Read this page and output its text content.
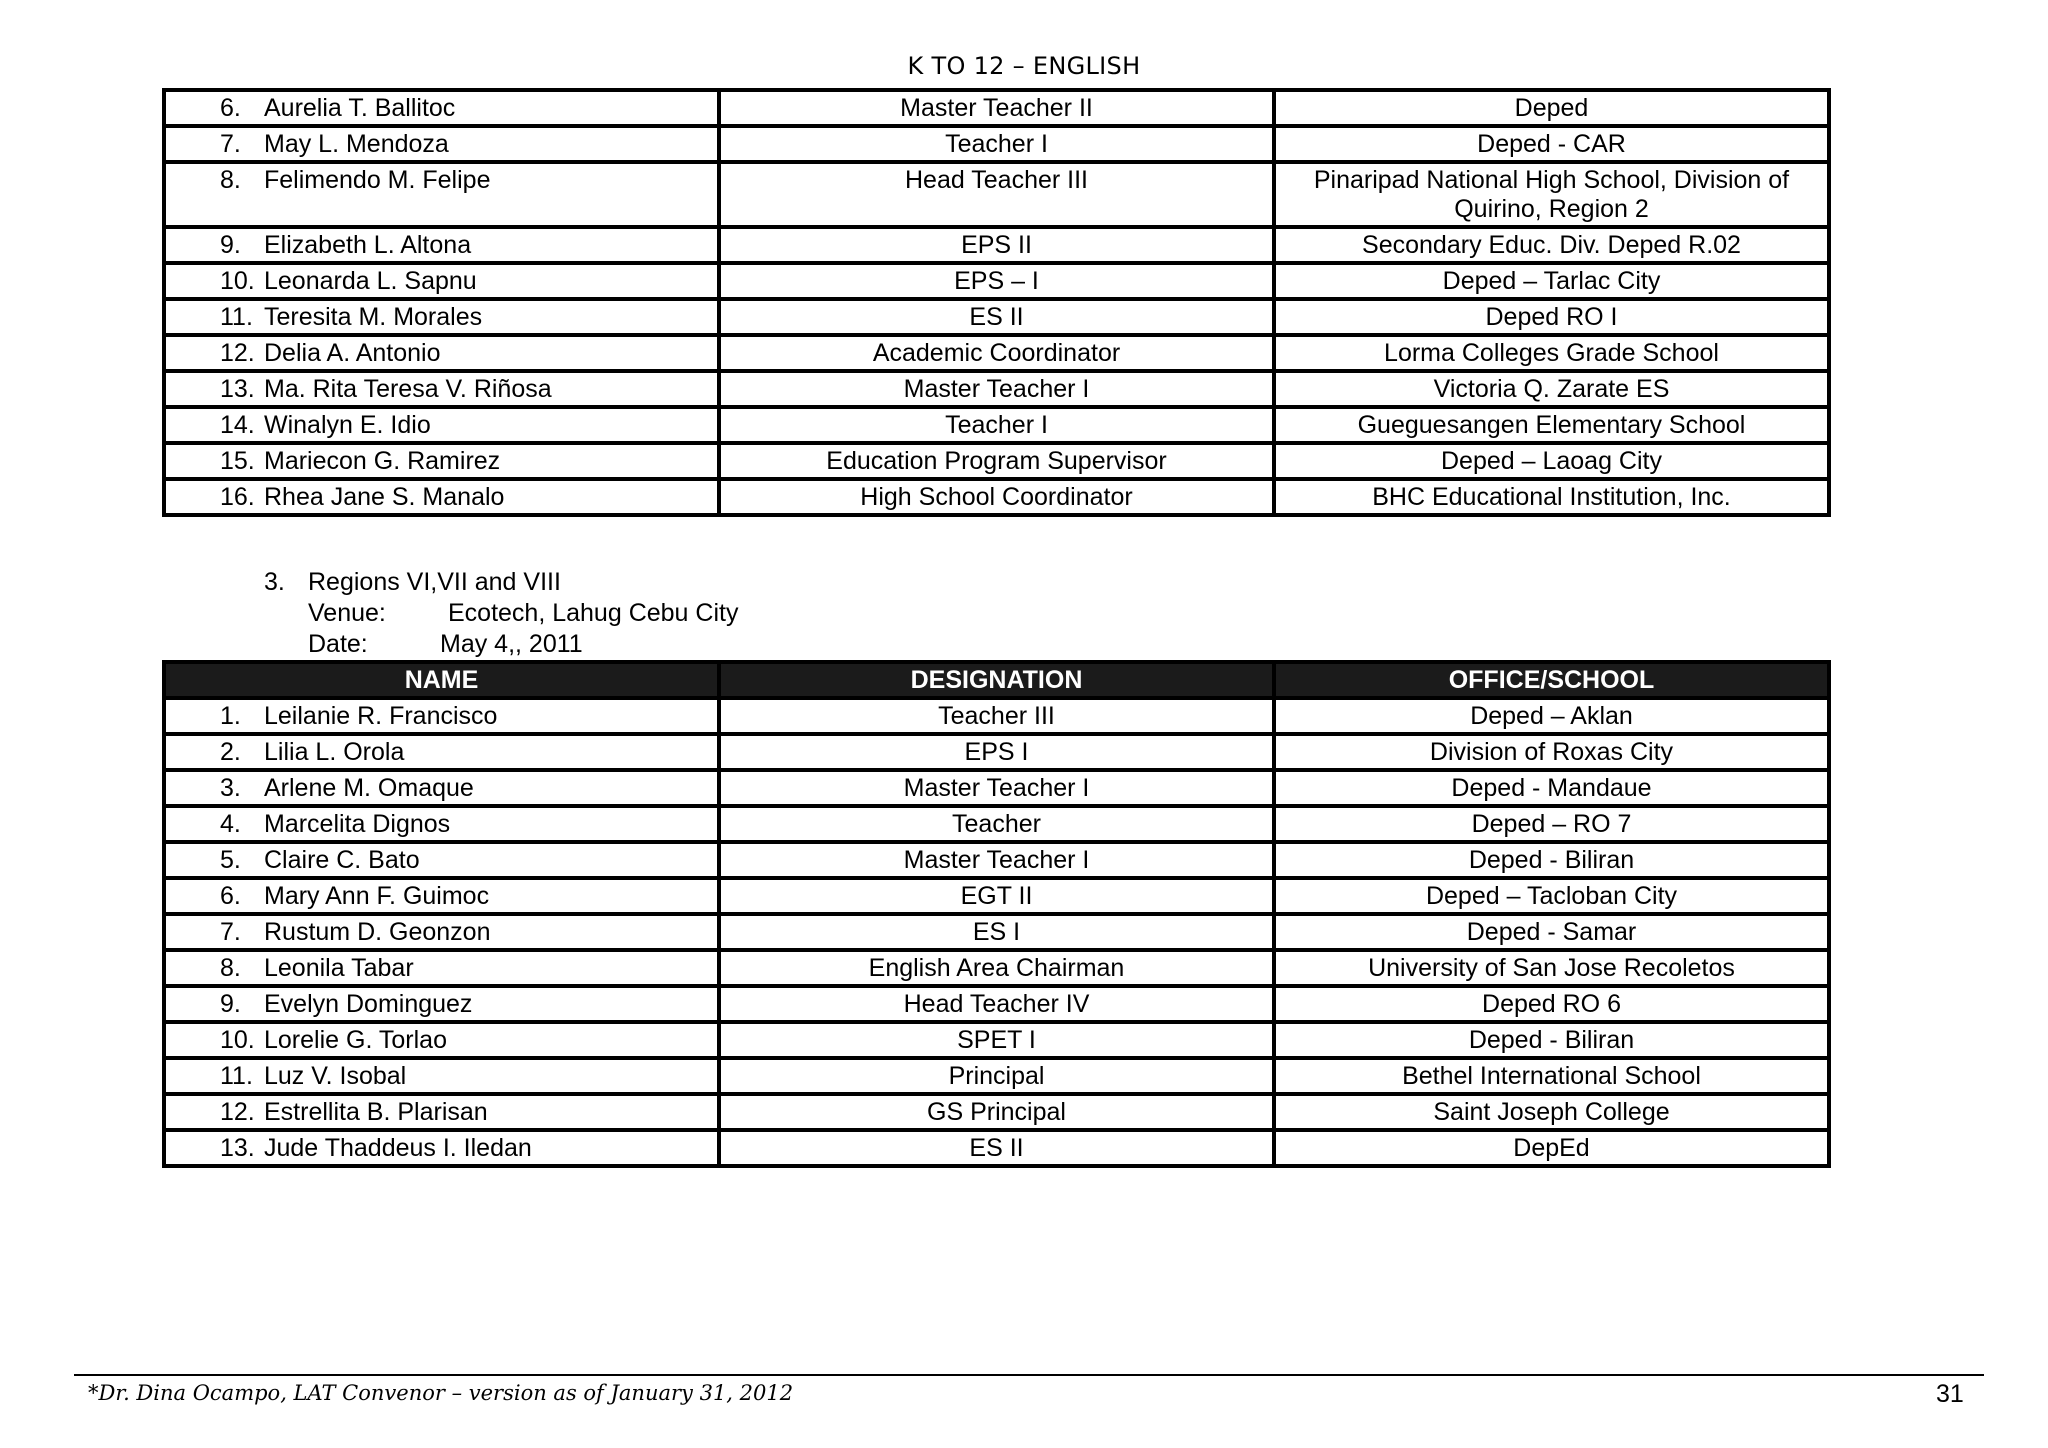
K TO 12 – ENGLISH
6. Aurelia T. Ballitoc	Master Teacher II	Deped
7. May L. Mendoza	Teacher I	Deped - CAR
8. Felimendo M. Felipe	Head Teacher III	Pinaripad National High School, Division of Quirino, Region 2
9. Elizabeth L. Altona	EPS II	Secondary Educ. Div. Deped R.02
10. Leonarda L. Sapnu	EPS – I	Deped – Tarlac City
11. Teresita M. Morales	ES II	Deped RO I
12. Delia A. Antonio	Academic Coordinator	Lorma Colleges Grade School
13. Ma. Rita Teresa V. Riñosa	Master Teacher I	Victoria Q. Zarate ES
14. Winalyn E. Idio	Teacher I	Gueguesangen Elementary School
15. Mariecon G. Ramirez	Education Program Supervisor	Deped – Laoag City
16. Rhea Jane S. Manalo	High School Coordinator	BHC Educational Institution, Inc.
3. Regions VI,VII and VIII
Venue:	Ecotech, Lahug Cebu City
Date:	May 4,, 2011
NAME	DESIGNATION	OFFICE/SCHOOL
1. Leilanie R. Francisco	Teacher III	Deped – Aklan
2. Lilia L. Orola	EPS I	Division of Roxas City
3. Arlene M. Omaque	Master Teacher I	Deped - Mandaue
4. Marcelita Dignos	Teacher	Deped – RO 7
5. Claire C. Bato	Master Teacher I	Deped - Biliran
6. Mary Ann F. Guimoc	EGT II	Deped – Tacloban City
7. Rustum D. Geonzon	ES I	Deped - Samar
8. Leonila Tabar	English Area Chairman	University of San Jose Recoletos
9. Evelyn Dominguez	Head Teacher IV	Deped RO 6
10. Lorelie G. Torlao	SPET I	Deped - Biliran
11. Luz V. Isobal	Principal	Bethel International School
12. Estrellita B. Plarisan	GS Principal	Saint Joseph College
13. Jude Thaddeus I. Iledan	ES II	DepEd
*Dr. Dina Ocampo, LAT Convenor – version as of January 31, 2012	31
